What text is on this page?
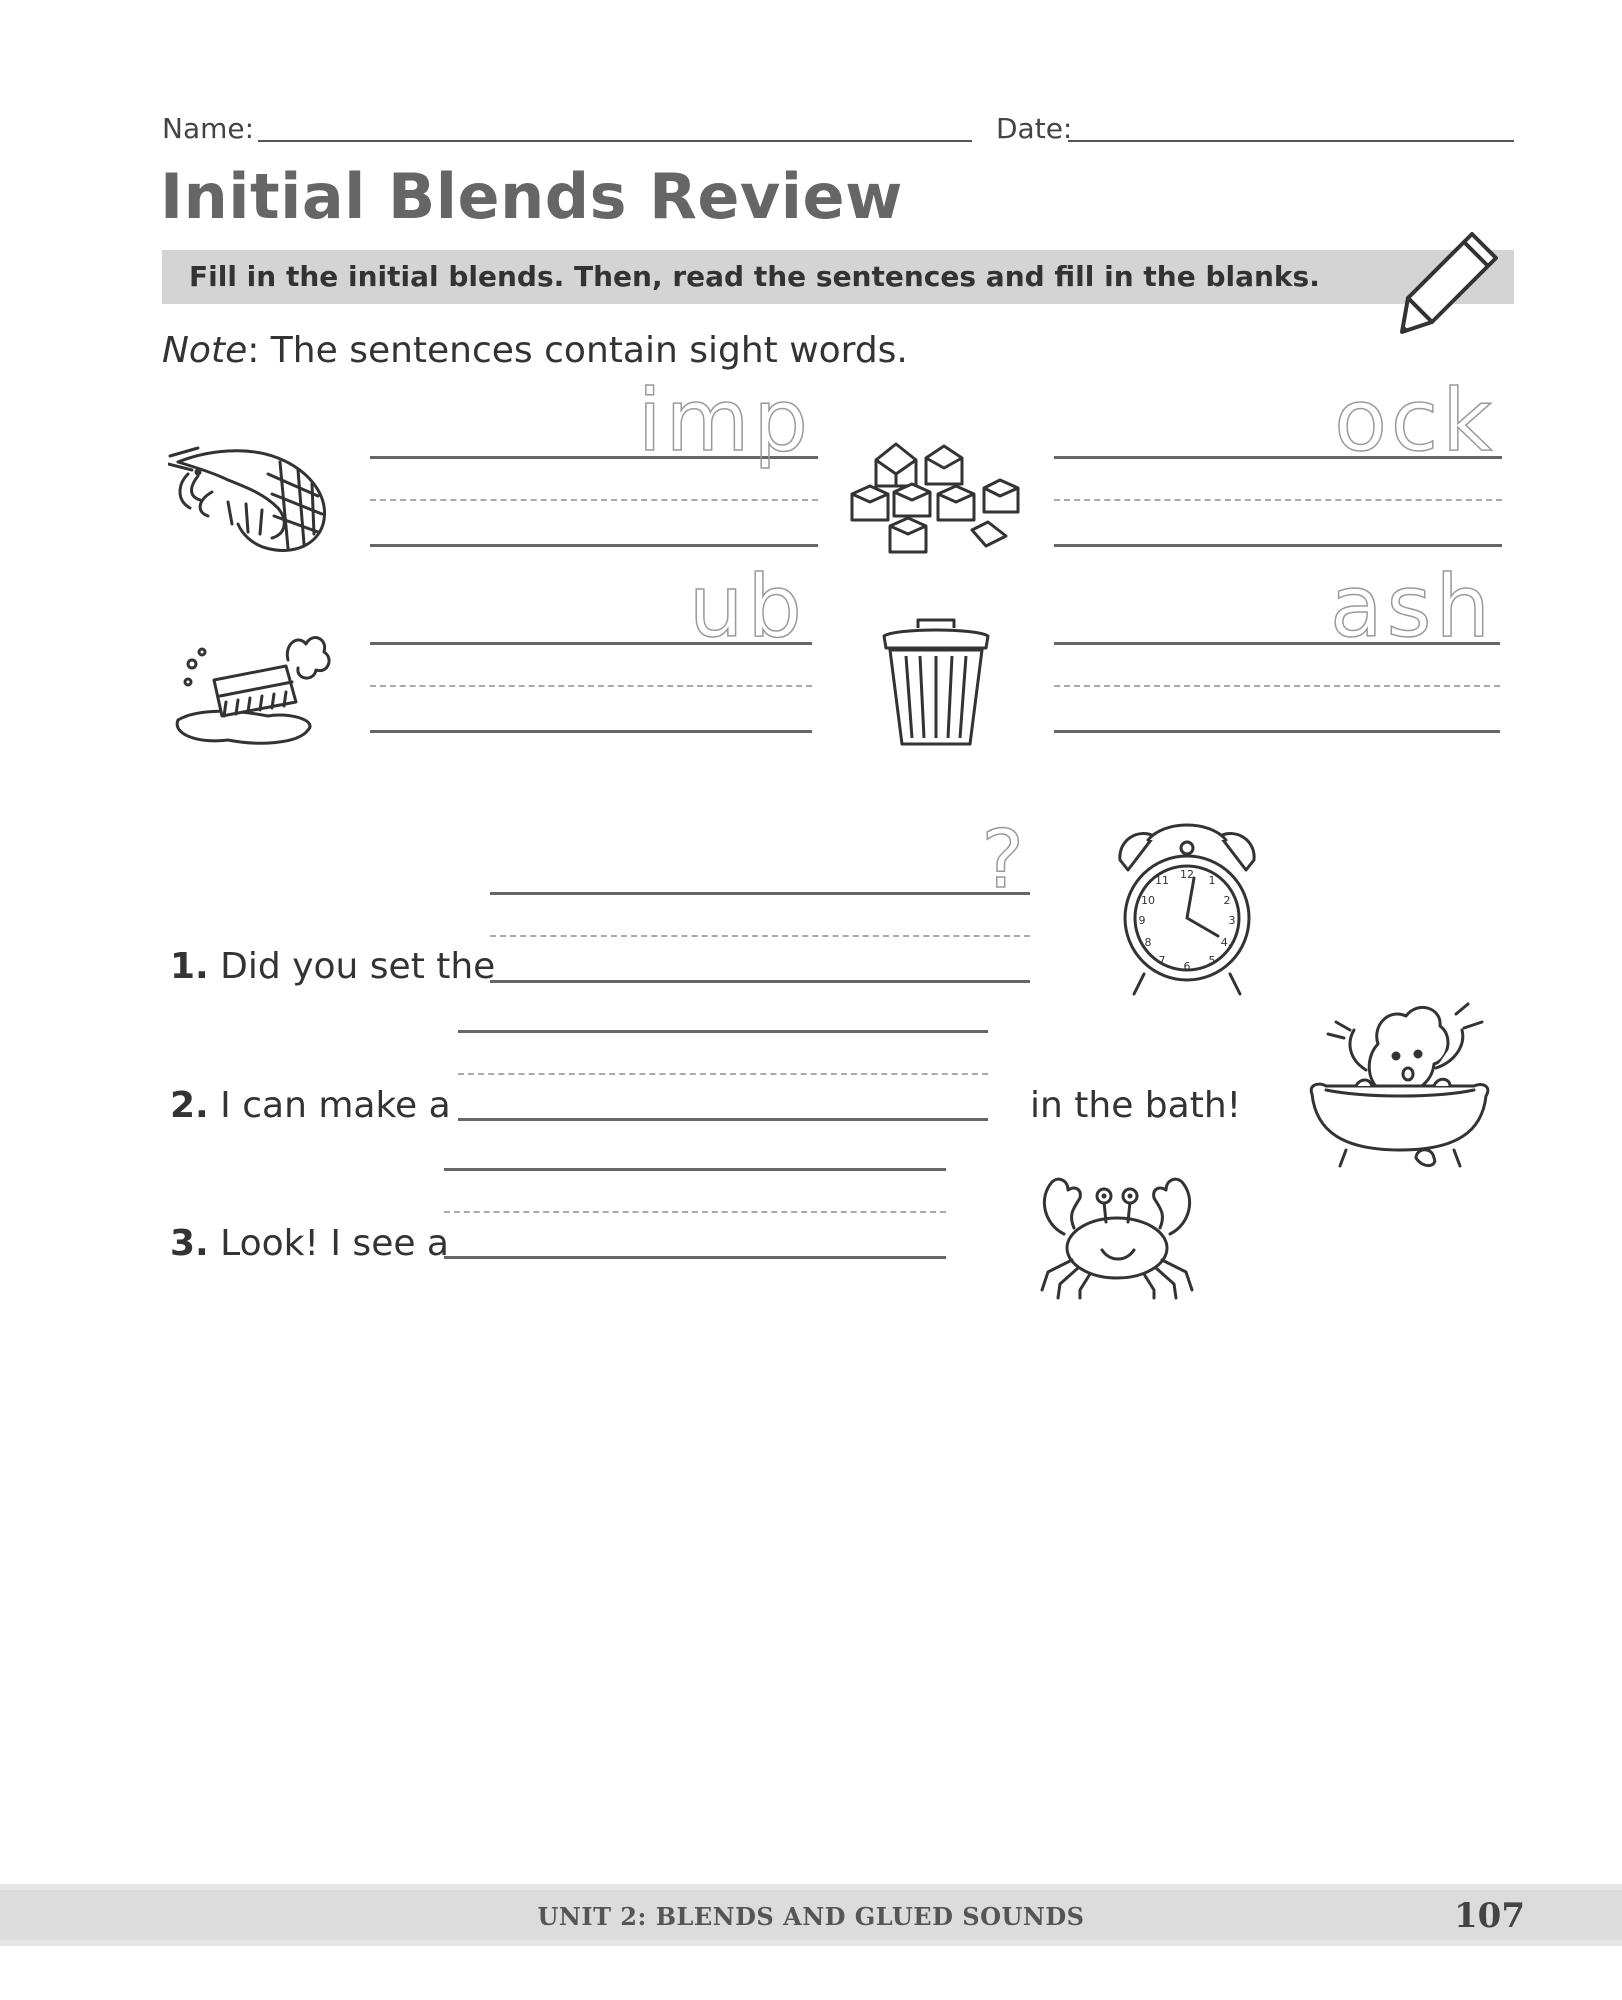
Name:	Date:
Initial Blends Review
Fill in the initial blends. Then, read the sentences and fill in the blanks.
Note: The sentences contain sight words.
imp	ock
ub	ash
1. Did you set the
?	12 1
2
3
4.
5
6
7
8
9
10
11
2. I can make a	in the bath!
3. Look! I see a
UNIT 2: BLENDS AND GLUED SOUNDS	107
